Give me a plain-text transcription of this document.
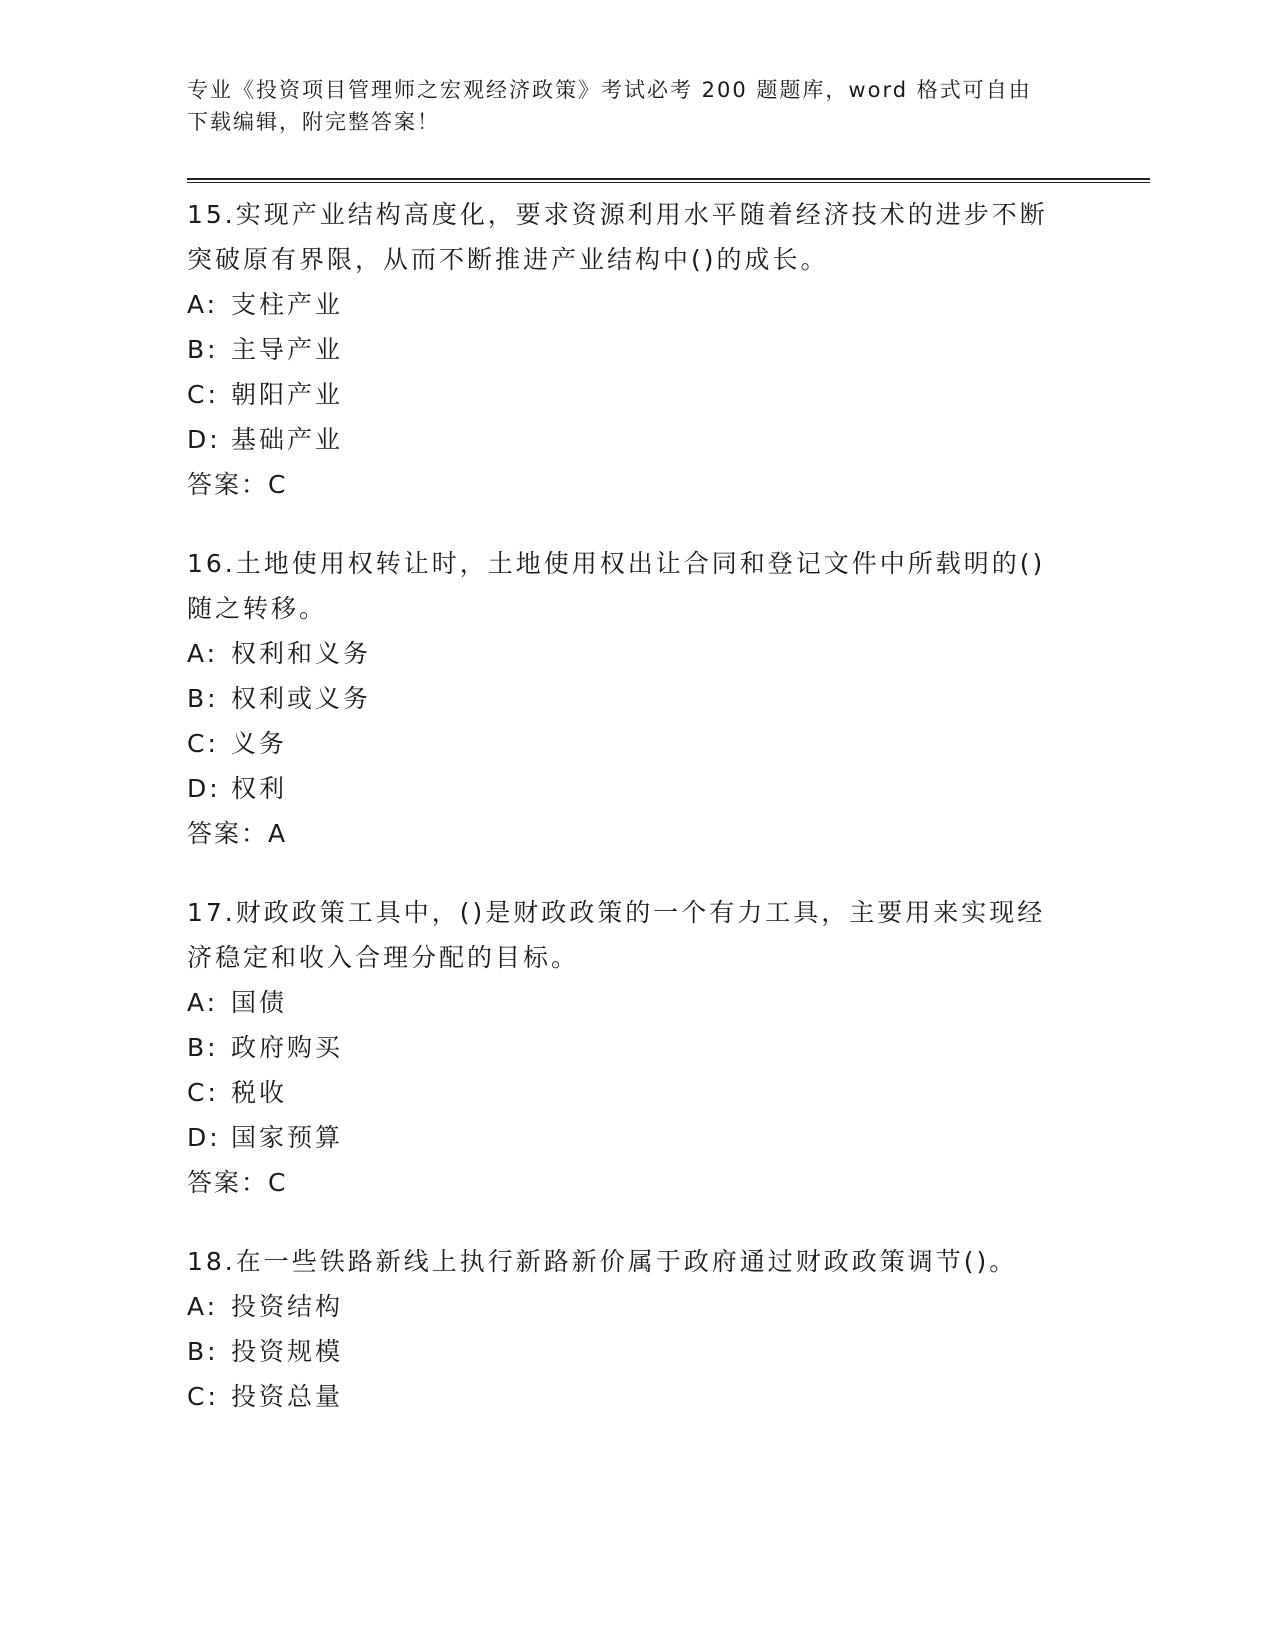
专业《投资项目管理师之宏观经济政策》考试必考 200 题题库，word 格式可自由
下载编辑，附完整答案！

15.实现产业结构高度化，要求资源利用水平随着经济技术的进步不断

突破原有界限，从而不断推进产业结构中()的成长。

A: 支柱产业
B: 主导产业
C: 朝阳产业
D: 基础产业

答案：C

16.土地使用权转让时，土地使用权出让合同和登记文件中所载明的()

随之转移。

A: 权利和义务
B: 权利或义务
C: 义务
D: 权利

答案：A

17.财政政策工具中，()是财政政策的一个有力工具，主要用来实现经

济稳定和收入合理分配的目标。

A: 国债
B: 政府购买
C: 税收
D: 国家预算

答案：C

18.在一些铁路新线上执行新路新价属于政府通过财政政策调节()。

A: 投资结构
B: 投资规模
C: 投资总量
